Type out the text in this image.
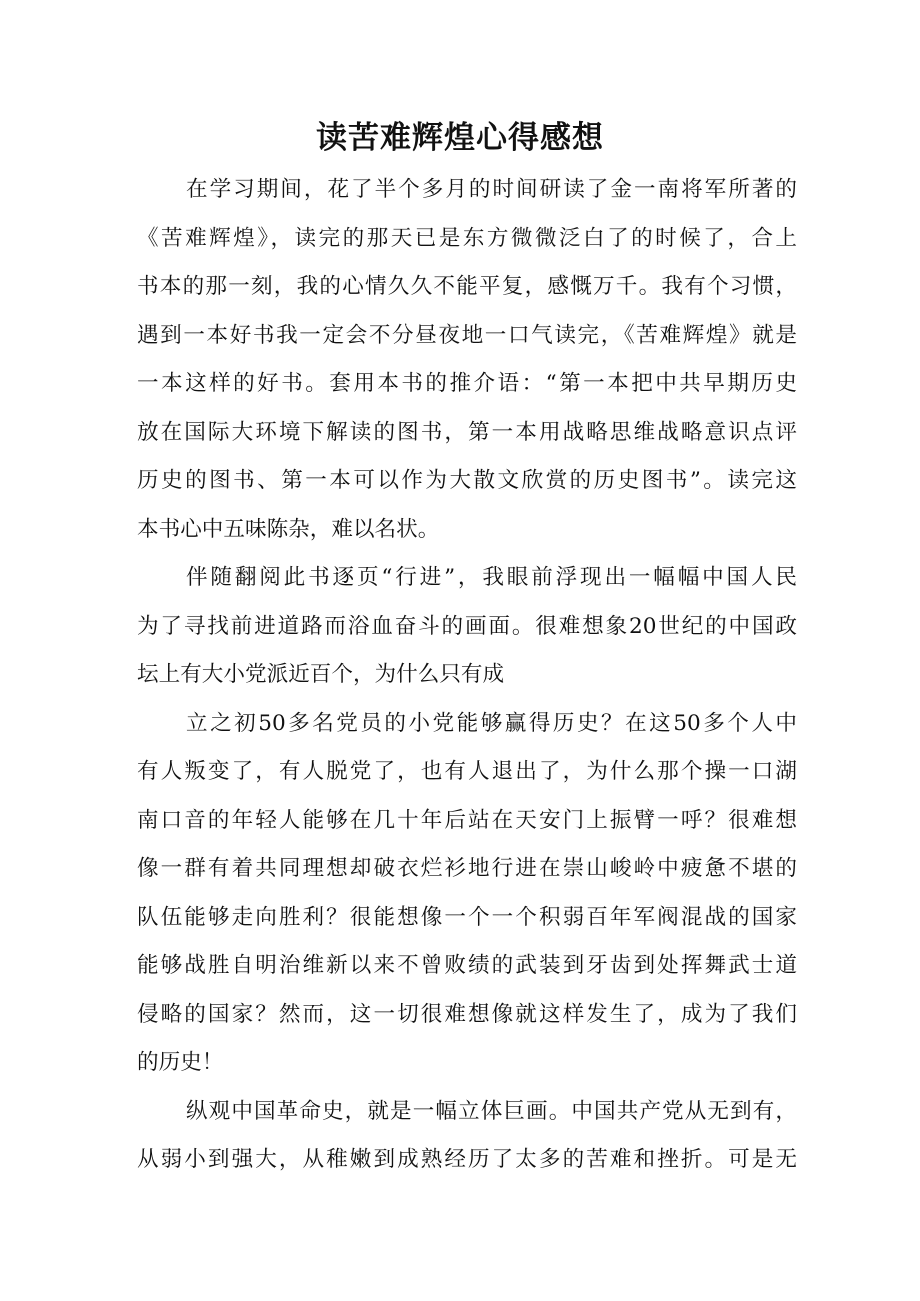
读苦难辉煌心得感想

在学习期间，花了半个多月的时间研读了金一南将军所著的

《苦难辉煌》，读完的那天已是东方微微泛白了的时候了，合上

书本的那一刻，我的心情久久不能平复，感慨万千。我有个习惯，

遇到一本好书我一定会不分昼夜地一口气读完，《苦难辉煌》就是

一本这样的好书。套用本书的推介语：“第一本把中共早期历史

放在国际大环境下解读的图书，第一本用战略思维战略意识点评

历史的图书、第一本可以作为大散文欣赏的历史图书”。读完这

本书心中五味陈杂，难以名状。

伴随翻阅此书逐页“行进”，我眼前浮现出一幅幅中国人民

为了寻找前进道路而浴血奋斗的画面。很难想象20世纪的中国政

坛上有大小党派近百个，为什么只有成

立之初50多名党员的小党能够赢得历史？在这50多个人中

有人叛变了，有人脱党了，也有人退出了，为什么那个操一口湖

南口音的年轻人能够在几十年后站在天安门上振臂一呼？很难想

像一群有着共同理想却破衣烂衫地行进在崇山峻岭中疲惫不堪的

队伍能够走向胜利？很能想像一个一个积弱百年军阀混战的国家

能够战胜自明治维新以来不曾败绩的武装到牙齿到处挥舞武士道

侵略的国家？然而，这一切很难想像就这样发生了，成为了我们

的历史！

纵观中国革命史，就是一幅立体巨画。中国共产党从无到有，

从弱小到强大，从稚嫩到成熟经历了太多的苦难和挫折。可是无
